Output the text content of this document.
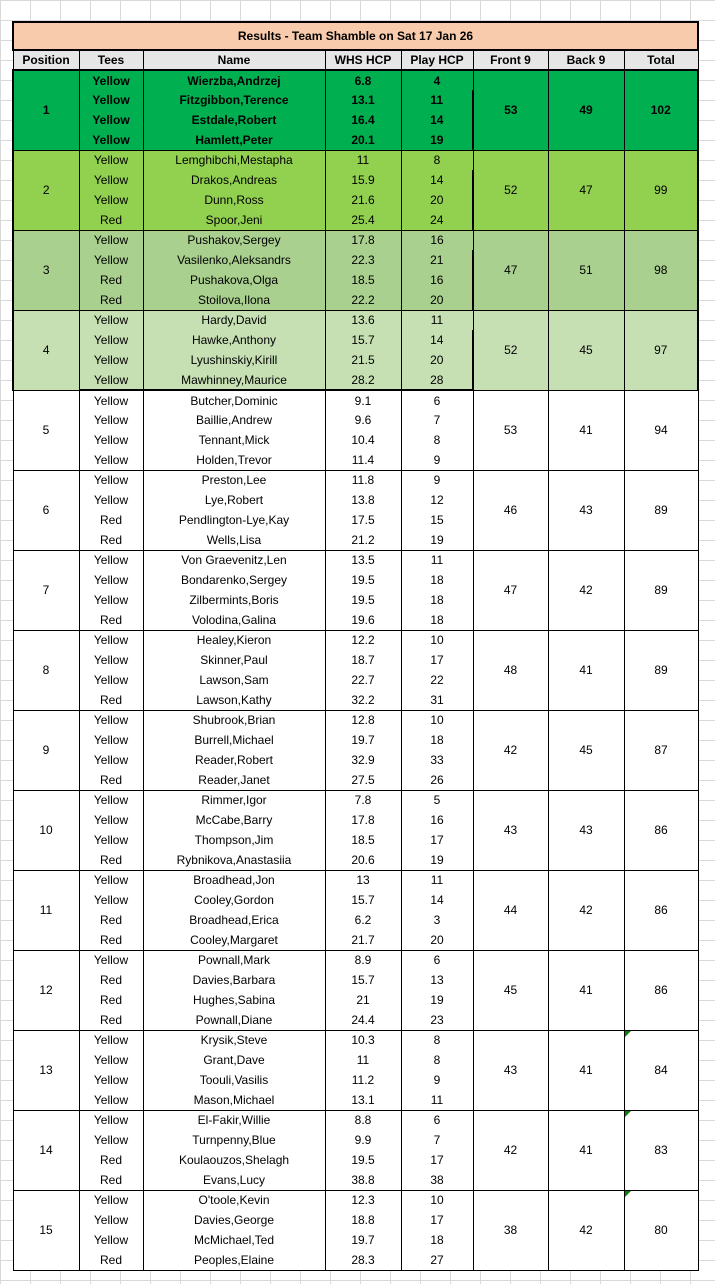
Results - Team Shamble on Sat 17 Jan 26							
Position	Tees	Name	WHS HCP	Play HCP	Front 9	Back 9	Total
1	Yellow	Wierzba,Andrzej	6.8	4	53	49	102
	Yellow	Fitzgibbon,Terence	13.1	11			
	Yellow	Estdale,Robert	16.4	14			
	Yellow	Hamlett,Peter	20.1	19			
2	Yellow	Lemghibchi,Mestapha	11	8	52	47	99
	Yellow	Drakos,Andreas	15.9	14			
	Yellow	Dunn,Ross	21.6	20			
	Red	Spoor,Jeni	25.4	24			
3	Yellow	Pushakov,Sergey	17.8	16	47	51	98
	Yellow	Vasilenko,Aleksandrs	22.3	21			
	Red	Pushakova,Olga	18.5	16			
	Red	Stoilova,Ilona	22.2	20			
4	Yellow	Hardy,David	13.6	11	52	45	97
	Yellow	Hawke,Anthony	15.7	14			
	Yellow	Lyushinskiy,Kirill	21.5	20			
	Yellow	Mawhinney,Maurice	28.2	28			
5	Yellow	Butcher,Dominic	9.1	6	53	41	94
	Yellow	Baillie,Andrew	9.6	7			
	Yellow	Tennant,Mick	10.4	8			
	Yellow	Holden,Trevor	11.4	9			
6	Yellow	Preston,Lee	11.8	9	46	43	89
	Yellow	Lye,Robert	13.8	12			
	Red	Pendlington-Lye,Kay	17.5	15			
	Red	Wells,Lisa	21.2	19			
7	Yellow	Von Graevenitz,Len	13.5	11	47	42	89
	Yellow	Bondarenko,Sergey	19.5	18			
	Yellow	Zilbermints,Boris	19.5	18			
	Red	Volodina,Galina	19.6	18			
8	Yellow	Healey,Kieron	12.2	10	48	41	89
	Yellow	Skinner,Paul	18.7	17			
	Yellow	Lawson,Sam	22.7	22			
	Red	Lawson,Kathy	32.2	31			
9	Yellow	Shubrook,Brian	12.8	10	42	45	87
	Yellow	Burrell,Michael	19.7	18			
	Yellow	Reader,Robert	32.9	33			
	Red	Reader,Janet	27.5	26			
10	Yellow	Rimmer,Igor	7.8	5	43	43	86
	Yellow	McCabe,Barry	17.8	16			
	Yellow	Thompson,Jim	18.5	17			
	Red	Rybnikova,Anastasiia	20.6	19			
11	Yellow	Broadhead,Jon	13	11	44	42	86
	Yellow	Cooley,Gordon	15.7	14			
	Red	Broadhead,Erica	6.2	3			
	Red	Cooley,Margaret	21.7	20			
12	Yellow	Pownall,Mark	8.9	6	45	41	86
	Red	Davies,Barbara	15.7	13			
	Red	Hughes,Sabina	21	19			
	Red	Pownall,Diane	24.4	23			
13	Yellow	Krysik,Steve	10.3	8	43	41	84
	Yellow	Grant,Dave	11	8			
	Yellow	Toouli,Vasilis	11.2	9			
	Yellow	Mason,Michael	13.1	11			
14	Yellow	El-Fakir,Willie	8.8	6	42	41	83
	Yellow	Turnpenny,Blue	9.9	7			
	Red	Koulaouzos,Shelagh	19.5	17			
	Red	Evans,Lucy	38.8	38			
15	Yellow	O'toole,Kevin	12.3	10	38	42	80
	Yellow	Davies,George	18.8	17			
	Yellow	McMichael,Ted	19.7	18			
	Red	Peoples,Elaine	28.3	27			
